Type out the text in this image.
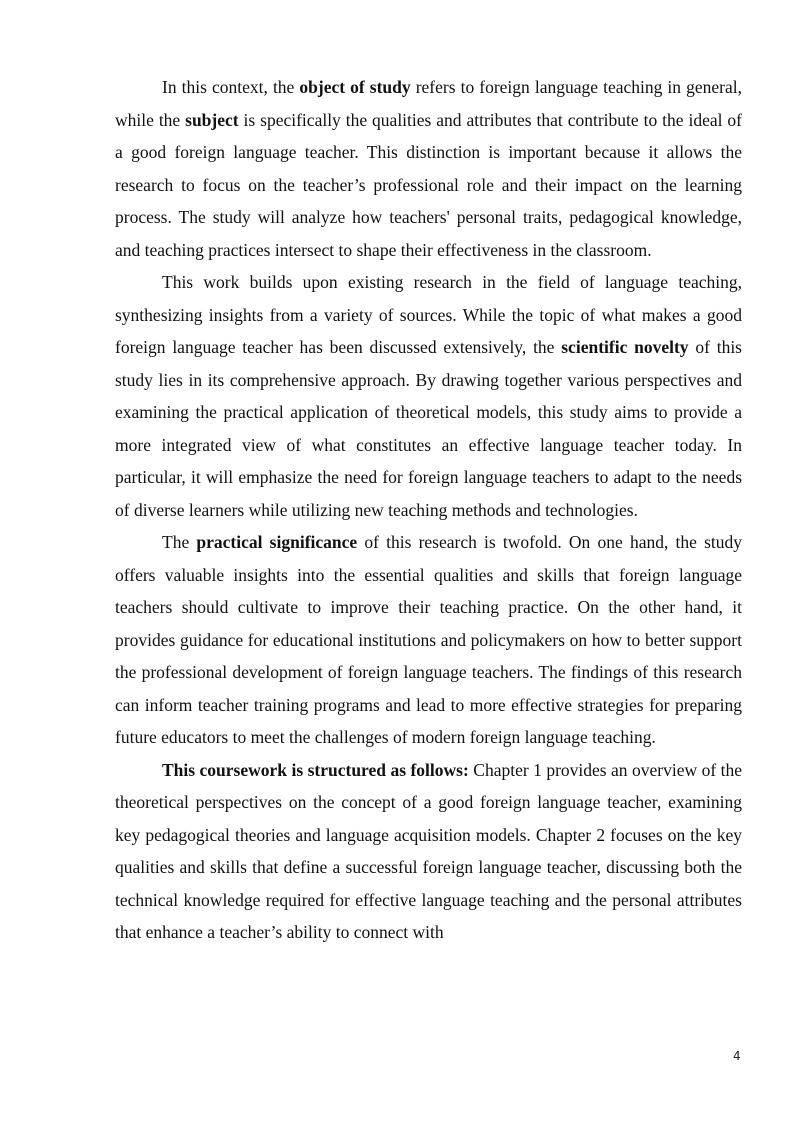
In this context, the object of study refers to foreign language teaching in general, while the subject is specifically the qualities and attributes that contribute to the ideal of a good foreign language teacher. This distinction is important because it allows the research to focus on the teacher’s professional role and their impact on the learning process. The study will analyze how teachers' personal traits, pedagogical knowledge, and teaching practices intersect to shape their effectiveness in the classroom.

This work builds upon existing research in the field of language teaching, synthesizing insights from a variety of sources. While the topic of what makes a good foreign language teacher has been discussed extensively, the scientific novelty of this study lies in its comprehensive approach. By drawing together various perspectives and examining the practical application of theoretical models, this study aims to provide a more integrated view of what constitutes an effective language teacher today. In particular, it will emphasize the need for foreign language teachers to adapt to the needs of diverse learners while utilizing new teaching methods and technologies.

The practical significance of this research is twofold. On one hand, the study offers valuable insights into the essential qualities and skills that foreign language teachers should cultivate to improve their teaching practice. On the other hand, it provides guidance for educational institutions and policymakers on how to better support the professional development of foreign language teachers. The findings of this research can inform teacher training programs and lead to more effective strategies for preparing future educators to meet the challenges of modern foreign language teaching.

This coursework is structured as follows: Chapter 1 provides an overview of the theoretical perspectives on the concept of a good foreign language teacher, examining key pedagogical theories and language acquisition models. Chapter 2 focuses on the key qualities and skills that define a successful foreign language teacher, discussing both the technical knowledge required for effective language teaching and the personal attributes that enhance a teacher’s ability to connect with

4
